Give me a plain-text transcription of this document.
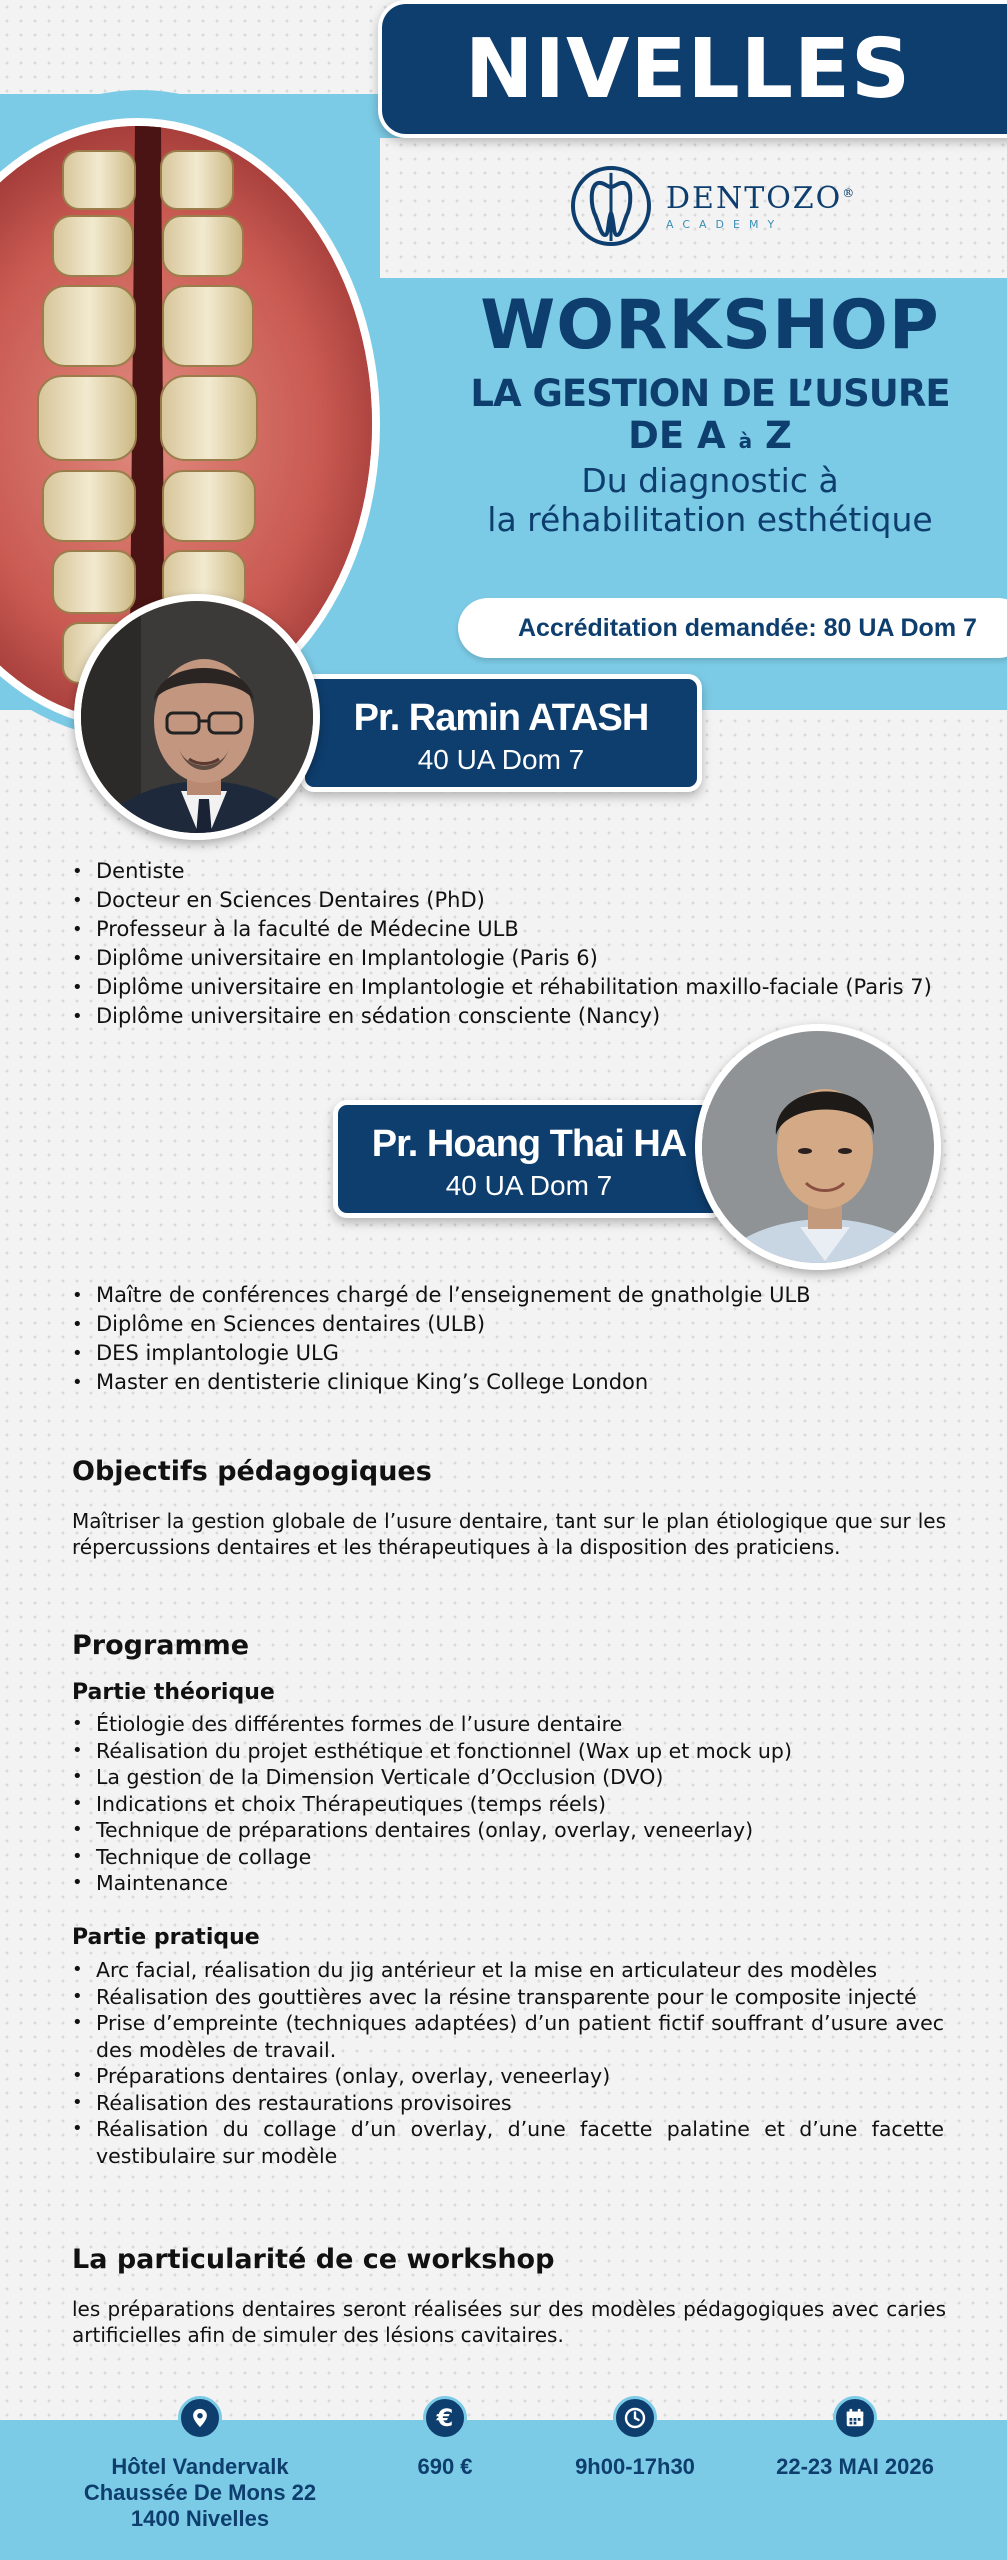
NIVELLES
DENTOZO®
ACADEMY
WORKSHOP
LA GESTION DE L’USURE
DE A à Z
Du diagnostic à
la réhabilitation esthétique
Accréditation demandée: 80 UA Dom 7
Pr. Ramin ATASH
40 UA Dom 7
• Dentiste
• Docteur en Sciences Dentaires (PhD)
• Professeur à la faculté de Médecine ULB
• Diplôme universitaire en Implantologie (Paris 6)
• Diplôme universitaire en Implantologie et réhabilitation maxillo-faciale (Paris 7)
• Diplôme universitaire en sédation consciente (Nancy)
Pr. Hoang Thai HA
40 UA Dom 7
• Maître de conférences chargé de l’enseignement de gnatholgie ULB
• Diplôme en Sciences dentaires (ULB)
• DES implantologie ULG
• Master en dentisterie clinique King’s College London
Objectifs pédagogiques
Maîtriser la gestion globale de l’usure dentaire, tant sur le plan étiologique que sur les répercussions dentaires et les thérapeutiques à la disposition des praticiens.
Programme
Partie théorique
• Étiologie des différentes formes de l’usure dentaire
• Réalisation du projet esthétique et fonctionnel (Wax up et mock up)
• La gestion de la Dimension Verticale d’Occlusion (DVO)
• Indications et choix Thérapeutiques (temps réels)
• Technique de préparations dentaires (onlay, overlay, veneerlay)
• Technique de collage
• Maintenance
Partie pratique
• Arc facial, réalisation du jig antérieur et la mise en articulateur des modèles
• Réalisation des gouttières avec la résine transparente pour le composite injecté
• Prise d’empreinte (techniques adaptées) d’un patient fictif souffrant d’usure avec des modèles de travail.
• Préparations dentaires (onlay, overlay, veneerlay)
• Réalisation des restaurations provisoires
• Réalisation du collage d’un overlay, d’une facette palatine et d’une facette vestibulaire sur modèle
La particularité de ce workshop
les préparations dentaires seront réalisées sur des modèles pédagogiques avec caries artificielles afin de simuler des lésions cavitaires.
Hôtel Vandervalk
Chaussée De Mons 22
1400 Nivelles
€
690 €	9h00-17h30	22-23 MAI 2026
